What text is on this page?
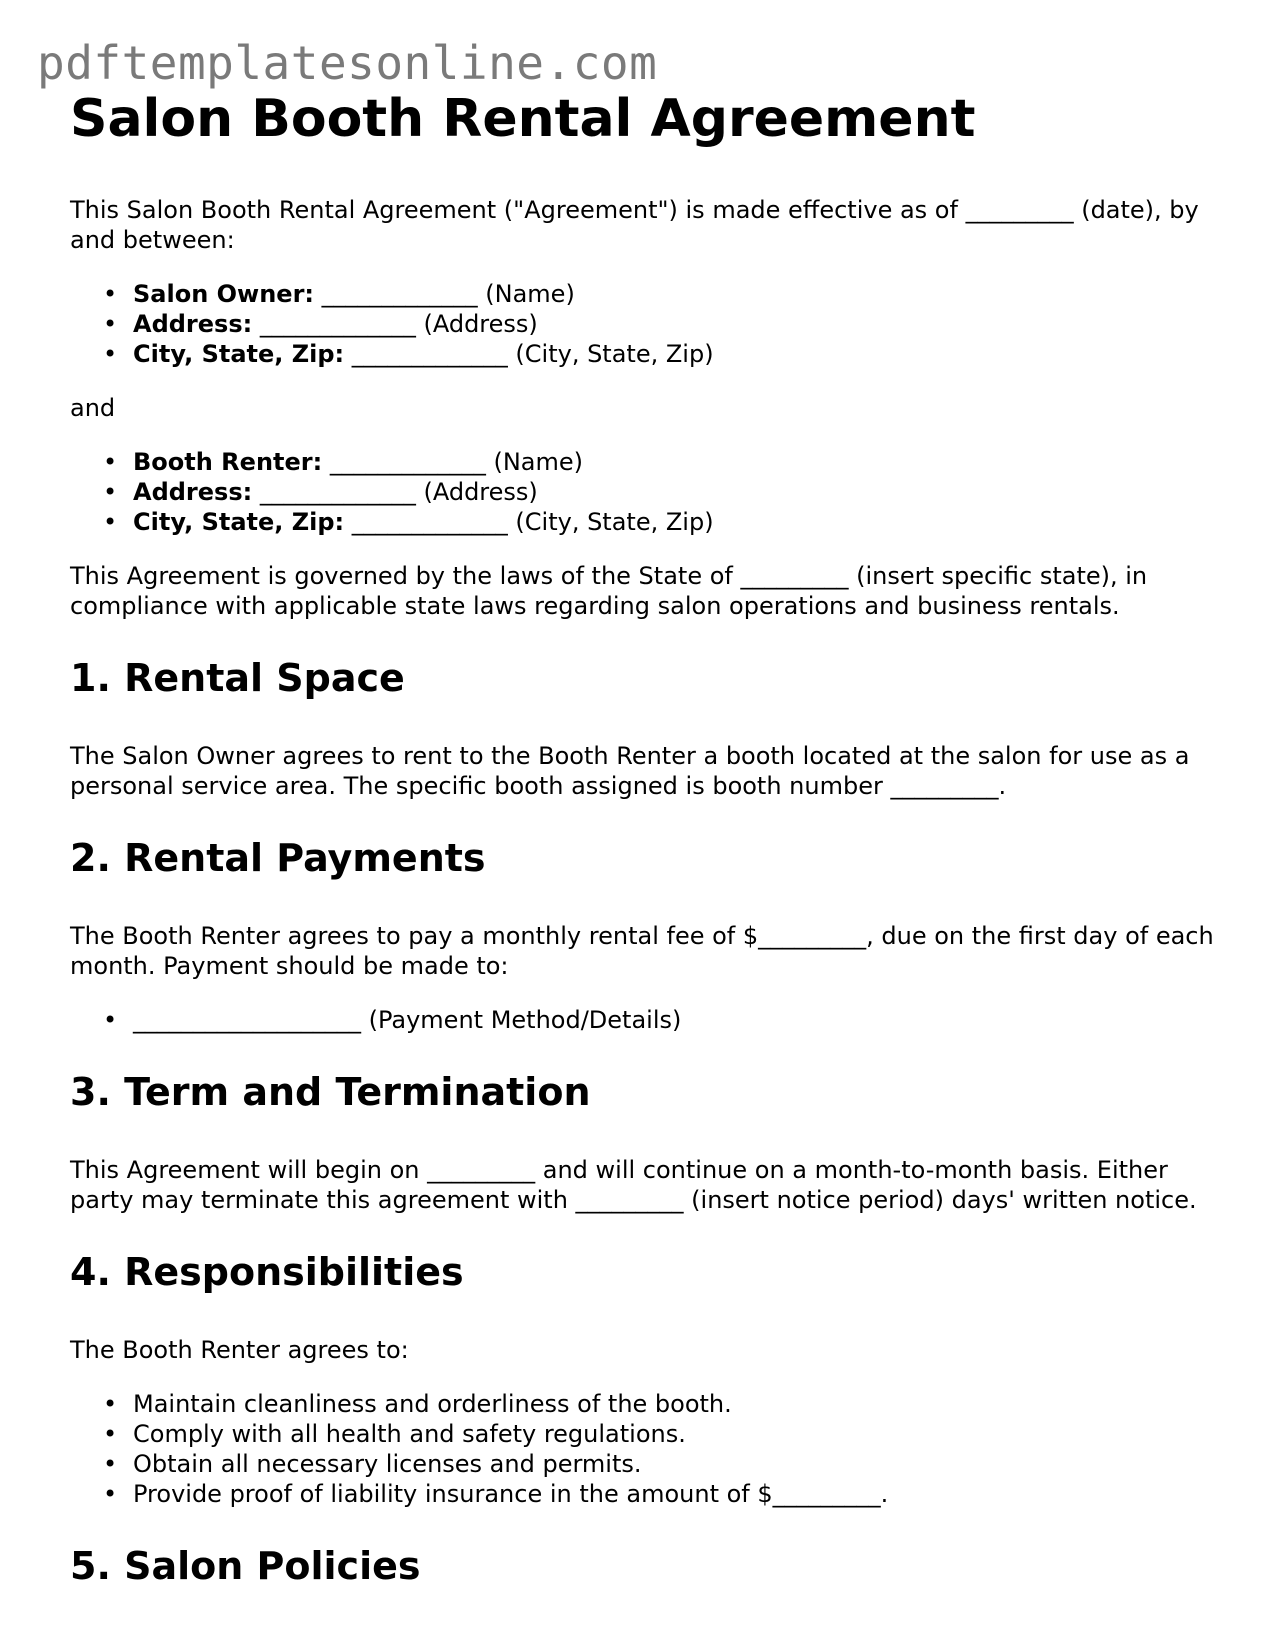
pdftemplatesonline.com
Salon Booth Rental Agreement

This Salon Booth Rental Agreement ("Agreement") is made effective as of _________ (date), by and between:

• Salon Owner: _____________ (Name)
• Address: _____________ (Address)
• City, State, Zip: _____________ (City, State, Zip)

and

• Booth Renter: _____________ (Name)
• Address: _____________ (Address)
• City, State, Zip: _____________ (City, State, Zip)

This Agreement is governed by the laws of the State of _________ (insert specific state), in compliance with applicable state laws regarding salon operations and business rentals.

1. Rental Space

The Salon Owner agrees to rent to the Booth Renter a booth located at the salon for use as a personal service area. The specific booth assigned is booth number _________.

2. Rental Payments

The Booth Renter agrees to pay a monthly rental fee of $_________, due on the first day of each month. Payment should be made to:

• ___________________ (Payment Method/Details)
3. Term and Termination

This Agreement will begin on _________ and will continue on a month-to-month basis. Either party may terminate this agreement with _________ (insert notice period) days' written notice.

4. Responsibilities

The Booth Renter agrees to:

• Maintain cleanliness and orderliness of the booth.
• Comply with all health and safety regulations.
• Obtain all necessary licenses and permits.
• Provide proof of liability insurance in the amount of $_________.
5. Salon Policies
